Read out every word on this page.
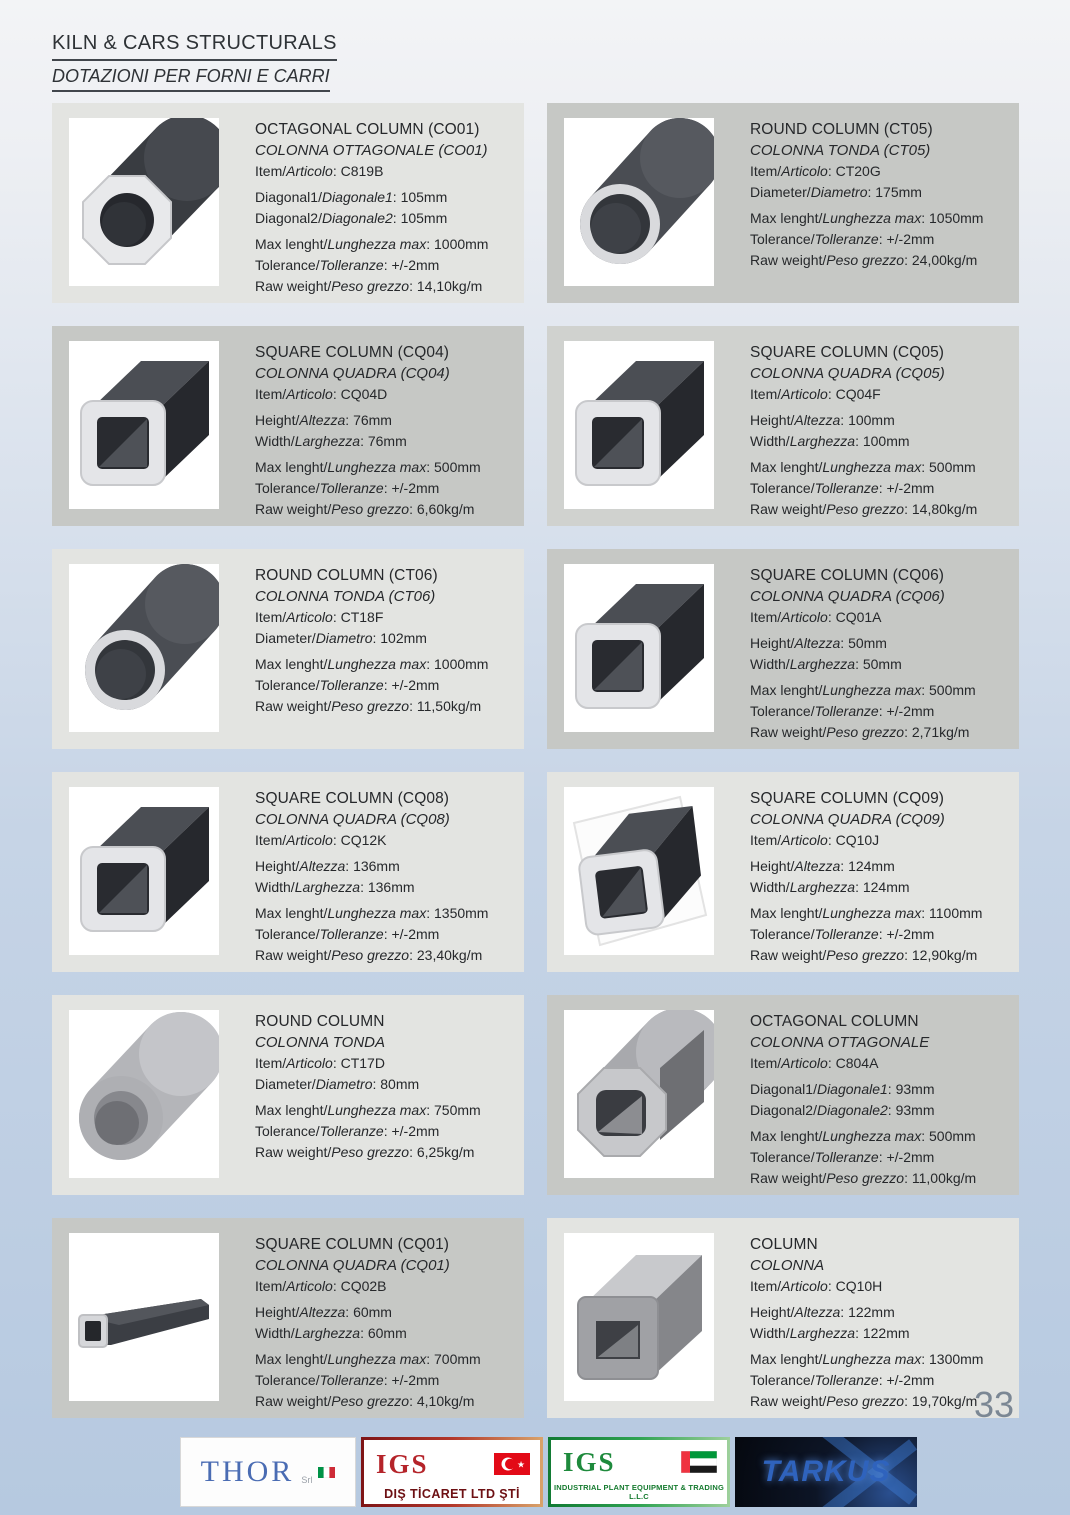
KILN & CARS STRUCTURALS
DOTAZIONI PER FORNI E CARRI
OCTAGONAL COLUMN (CO01)
COLONNA OTTAGONALE (CO01)
Item/Articolo: C819B
Diagonal1/Diagonale1: 105mm
Diagonal2/Diagonale2: 105mm
Max lenght/Lunghezza max: 1000mm
Tolerance/Tolleranze: +/-2mm
Raw weight/Peso grezzo: 14,10kg/m
ROUND COLUMN (CT05)
COLONNA TONDA (CT05)
Item/Articolo: CT20G
Diameter/Diametro: 175mm
Max lenght/Lunghezza max: 1050mm
Tolerance/Tolleranze: +/-2mm
Raw weight/Peso grezzo: 24,00kg/m
SQUARE COLUMN (CQ04)
COLONNA QUADRA (CQ04)
Item/Articolo: CQ04D
Height/Altezza: 76mm
Width/Larghezza: 76mm
Max lenght/Lunghezza max: 500mm
Tolerance/Tolleranze: +/-2mm
Raw weight/Peso grezzo: 6,60kg/m
SQUARE COLUMN (CQ05)
COLONNA QUADRA (CQ05)
Item/Articolo: CQ04F
Height/Altezza: 100mm
Width/Larghezza: 100mm
Max lenght/Lunghezza max: 500mm
Tolerance/Tolleranze: +/-2mm
Raw weight/Peso grezzo: 14,80kg/m
ROUND COLUMN (CT06)
COLONNA TONDA (CT06)
Item/Articolo: CT18F
Diameter/Diametro: 102mm
Max lenght/Lunghezza max: 1000mm
Tolerance/Tolleranze: +/-2mm
Raw weight/Peso grezzo: 11,50kg/m
SQUARE COLUMN (CQ06)
COLONNA QUADRA (CQ06)
Item/Articolo: CQ01A
Height/Altezza: 50mm
Width/Larghezza: 50mm
Max lenght/Lunghezza max: 500mm
Tolerance/Tolleranze: +/-2mm
Raw weight/Peso grezzo: 2,71kg/m
SQUARE COLUMN (CQ08)
COLONNA QUADRA (CQ08)
Item/Articolo: CQ12K
Height/Altezza: 136mm
Width/Larghezza: 136mm
Max lenght/Lunghezza max: 1350mm
Tolerance/Tolleranze: +/-2mm
Raw weight/Peso grezzo: 23,40kg/m
SQUARE COLUMN (CQ09)
COLONNA QUADRA (CQ09)
Item/Articolo: CQ10J
Height/Altezza: 124mm
Width/Larghezza: 124mm
Max lenght/Lunghezza max: 1100mm
Tolerance/Tolleranze: +/-2mm
Raw weight/Peso grezzo: 12,90kg/m
ROUND COLUMN
COLONNA TONDA
Item/Articolo: CT17D
Diameter/Diametro: 80mm
Max lenght/Lunghezza max: 750mm
Tolerance/Tolleranze: +/-2mm
Raw weight/Peso grezzo: 6,25kg/m
OCTAGONAL COLUMN
COLONNA OTTAGONALE
Item/Articolo: C804A
Diagonal1/Diagonale1: 93mm
Diagonal2/Diagonale2: 93mm
Max lenght/Lunghezza max: 500mm
Tolerance/Tolleranze: +/-2mm
Raw weight/Peso grezzo: 11,00kg/m
SQUARE COLUMN (CQ01)
COLONNA QUADRA (CQ01)
Item/Articolo: CQ02B
Height/Altezza: 60mm
Width/Larghezza: 60mm
Max lenght/Lunghezza max: 700mm
Tolerance/Tolleranze: +/-2mm
Raw weight/Peso grezzo: 4,10kg/m
COLUMN
COLONNA
Item/Articolo: CQ10H
Height/Altezza: 122mm
Width/Larghezza: 122mm
Max lenght/Lunghezza max: 1300mm
Tolerance/Tolleranze: +/-2mm
Raw weight/Peso grezzo: 19,70kg/m
THOR Srl
IGS	★
DIŞ TİCARET LTD ŞTİ
IGS
INDUSTRIAL PLANT EQUIPMENT & TRADING L.L.C
TARKUS
33
